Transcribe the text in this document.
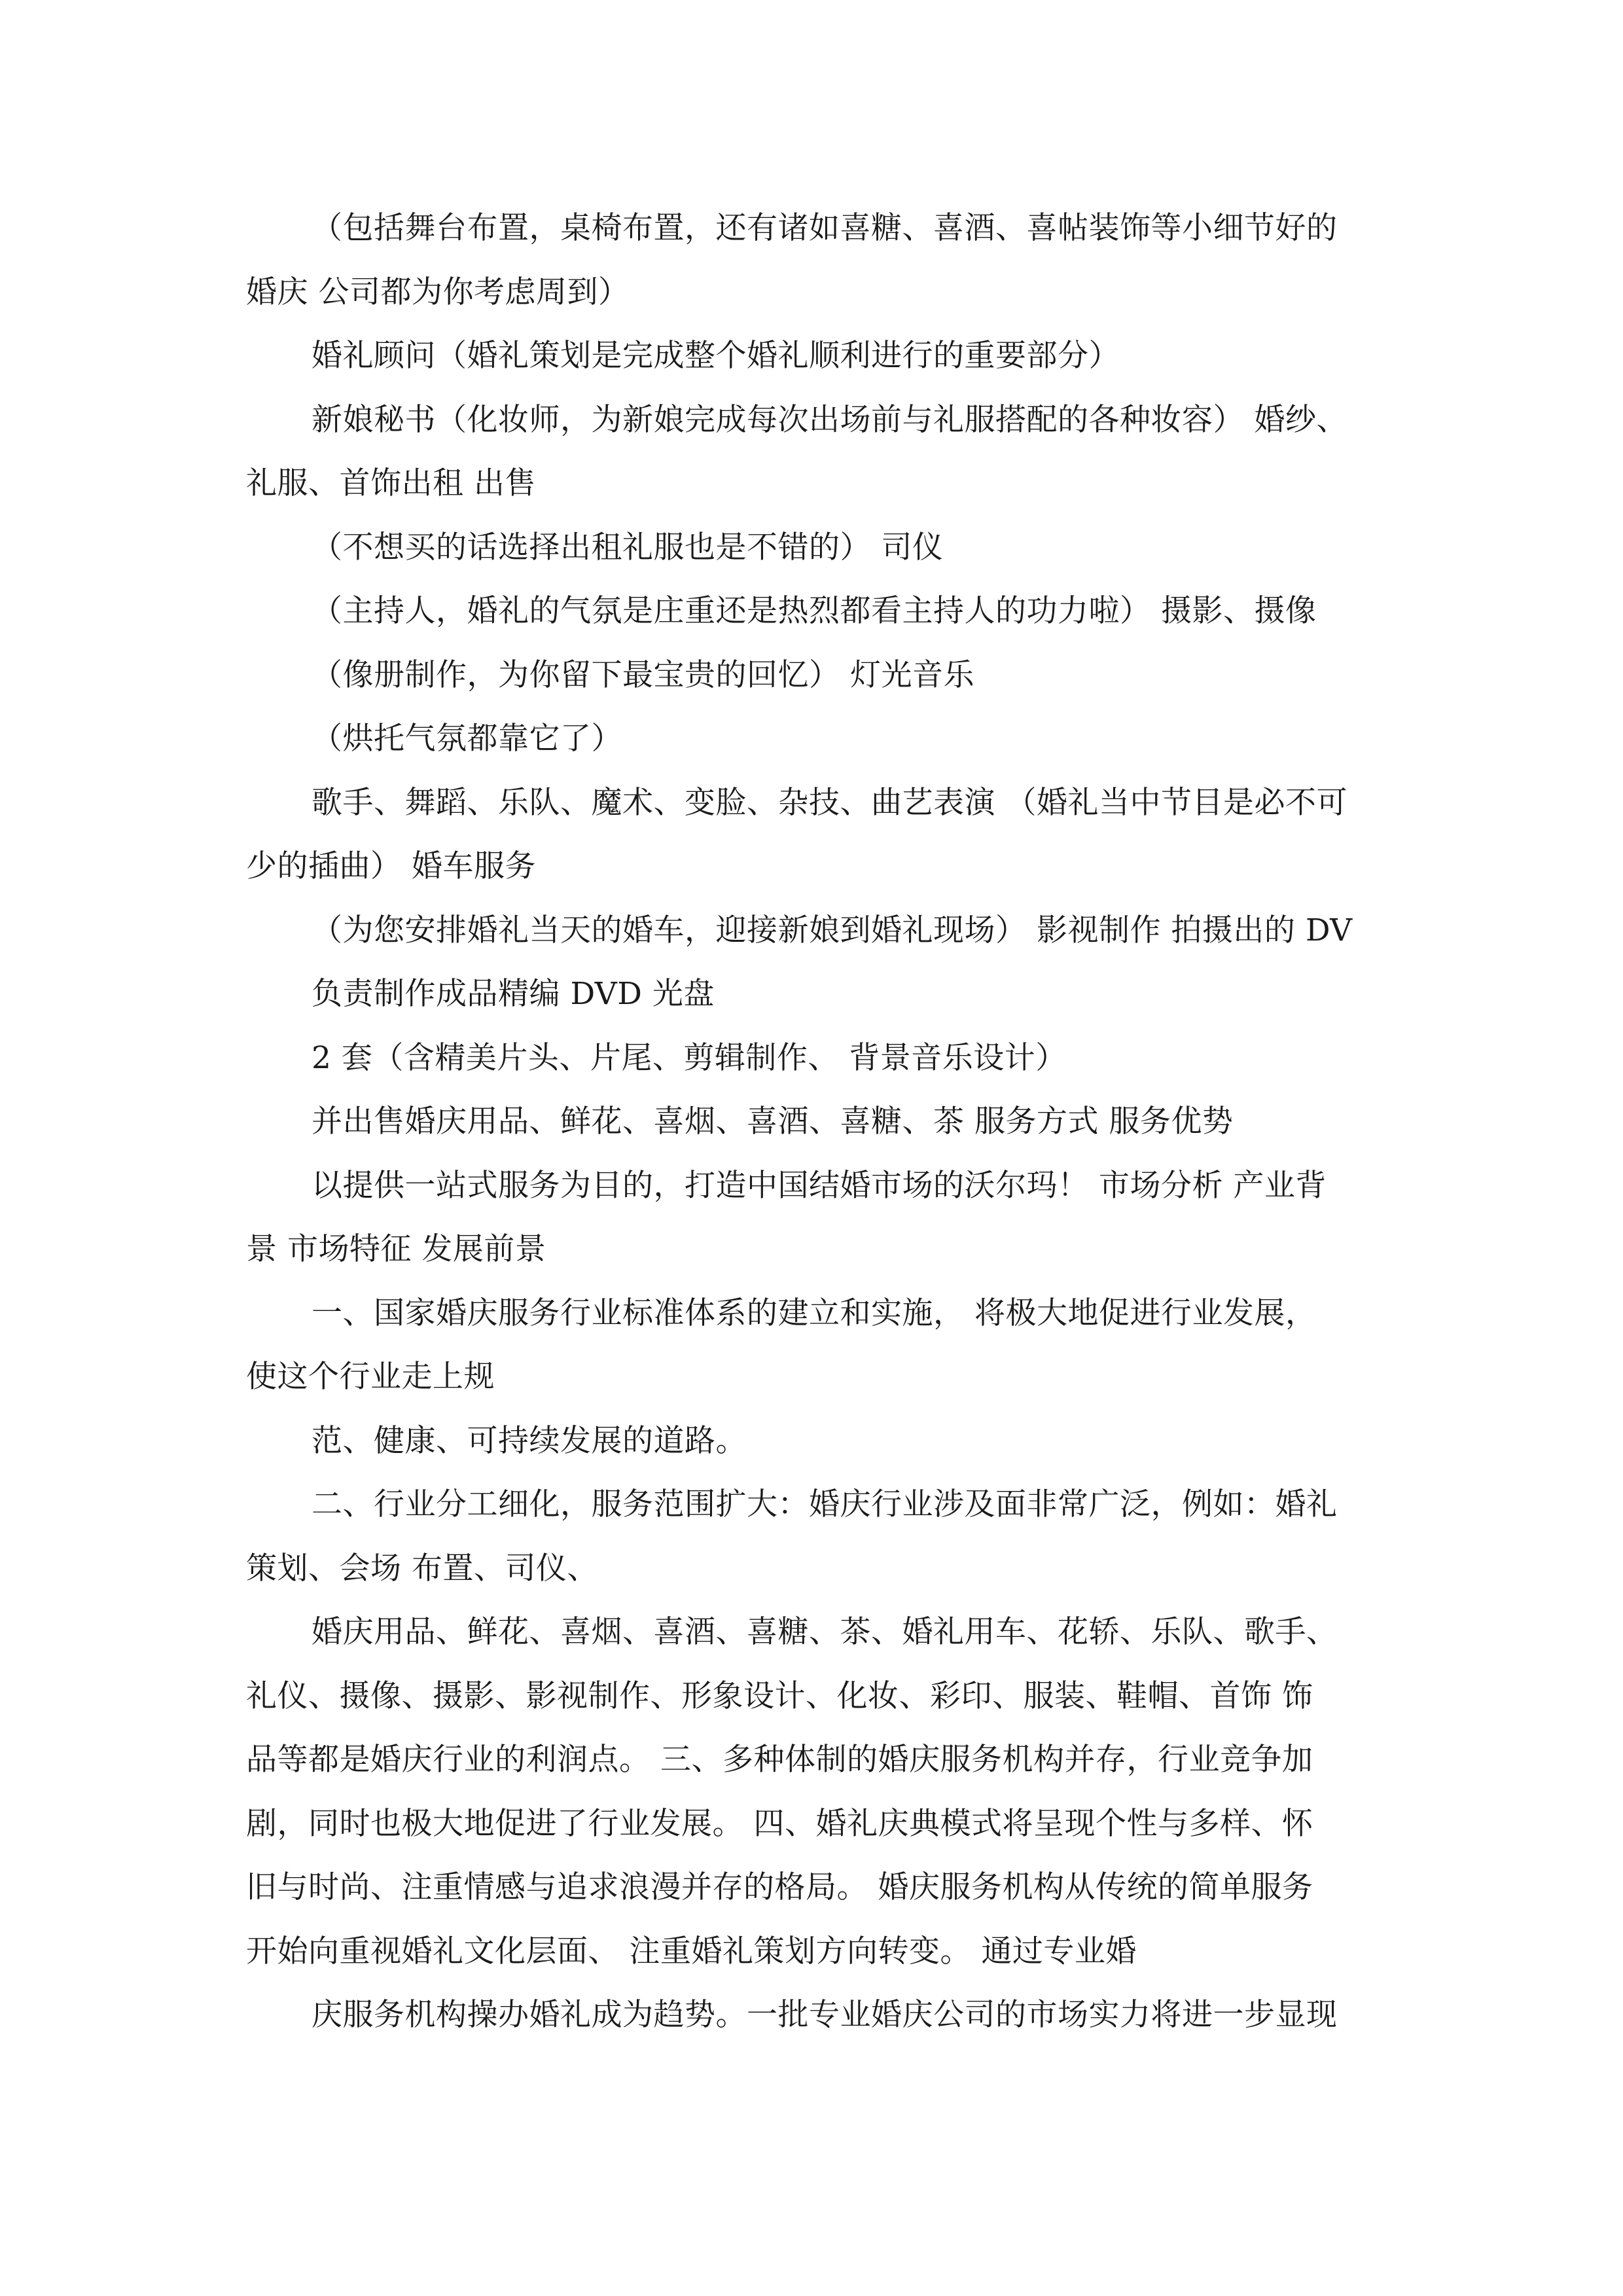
（包括舞台布置，桌椅布置，还有诸如喜糖、喜酒、喜帖装饰等小细节好的
婚庆 公司都为你考虑周到）
婚礼顾问（婚礼策划是完成整个婚礼顺利进行的重要部分）
新娘秘书（化妆师，为新娘完成每次出场前与礼服搭配的各种妆容） 婚纱、
礼服、首饰出租 出售
（不想买的话选择出租礼服也是不错的） 司仪
（主持人，婚礼的气氛是庄重还是热烈都看主持人的功力啦） 摄影、摄像
（像册制作，为你留下最宝贵的回忆） 灯光音乐
（烘托气氛都靠它了）
歌手、舞蹈、乐队、魔术、变脸、杂技、曲艺表演 （婚礼当中节目是必不可
少的插曲） 婚车服务
（为您安排婚礼当天的婚车，迎接新娘到婚礼现场） 影视制作 拍摄出的 DV
负责制作成品精编 DVD 光盘
2 套（含精美片头、片尾、剪辑制作、 背景音乐设计）
并出售婚庆用品、鲜花、喜烟、喜酒、喜糖、茶 服务方式 服务优势
以提供一站式服务为目的，打造中国结婚市场的沃尔玛！ 市场分析 产业背
景 市场特征 发展前景
一、国家婚庆服务行业标准体系的建立和实施， 将极大地促进行业发展，
使这个行业走上规
范、健康、可持续发展的道路。
二、行业分工细化，服务范围扩大：婚庆行业涉及面非常广泛，例如：婚礼
策划、会场 布置、司仪、
婚庆用品、鲜花、喜烟、喜酒、喜糖、茶、婚礼用车、花轿、乐队、歌手、
礼仪、摄像、摄影、影视制作、形象设计、化妆、彩印、服装、鞋帽、首饰 饰
品等都是婚庆行业的利润点。 三、多种体制的婚庆服务机构并存，行业竞争加
剧，同时也极大地促进了行业发展。 四、婚礼庆典模式将呈现个性与多样、怀
旧与时尚、注重情感与追求浪漫并存的格局。 婚庆服务机构从传统的简单服务
开始向重视婚礼文化层面、 注重婚礼策划方向转变。 通过专业婚
庆服务机构操办婚礼成为趋势。一批专业婚庆公司的市场实力将进一步显现
